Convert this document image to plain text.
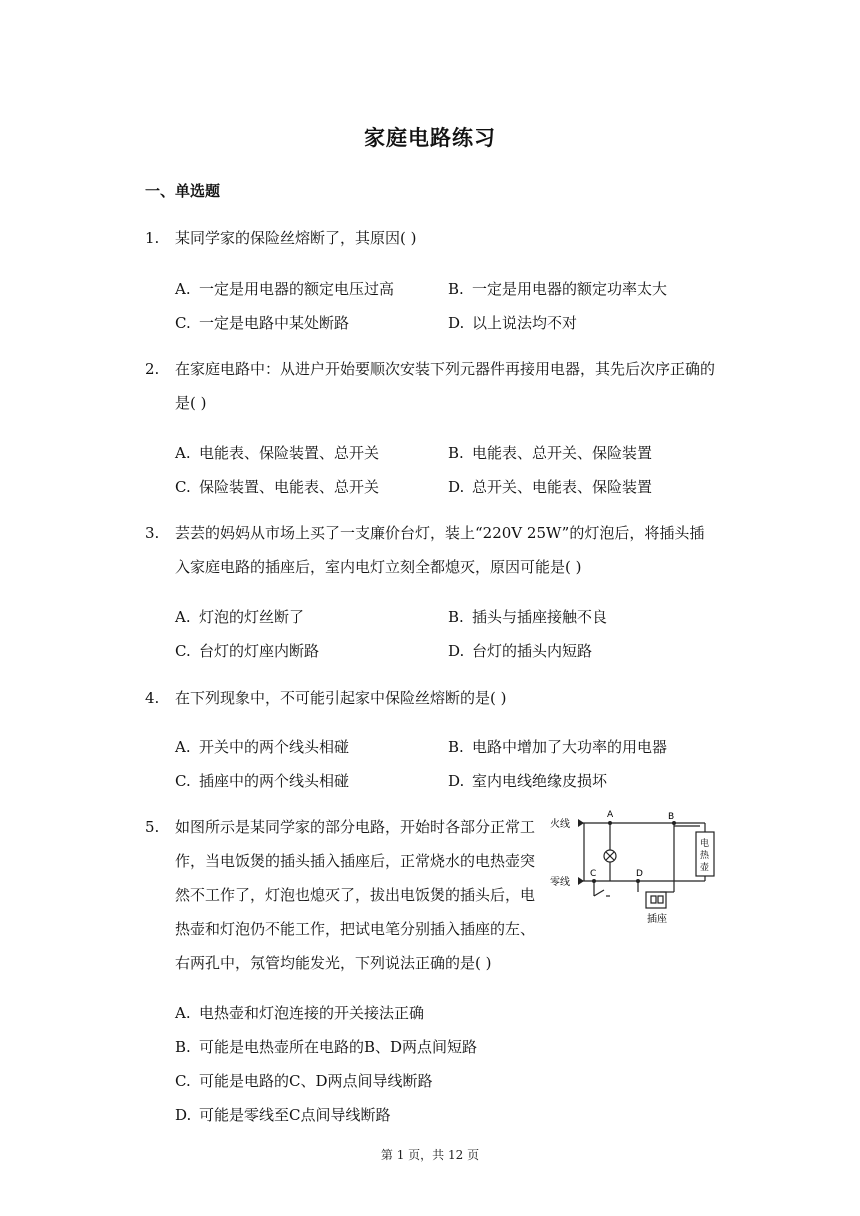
家庭电路练习
一、单选题
1. 某同学家的保险丝熔断了，其原因( )
A. 一定是用电器的额定电压过高	B. 一定是用电器的额定功率太大
C. 一定是电路中某处断路	D. 以上说法均不对
2. 在家庭电路中：从进户开始要顺次安装下列元器件再接用电器，其先后次序正确的
是( )
A. 电能表、保险装置、总开关	B. 电能表、总开关、保险装置
C. 保险装置、电能表、总开关	D. 总开关、电能表、保险装置
3. 芸芸的妈妈从市场上买了一支廉价台灯，装上“220V 25W”的灯泡后，将插头插
入家庭电路的插座后，室内电灯立刻全都熄灭，原因可能是( )
A. 灯泡的灯丝断了	B. 插头与插座接触不良
C. 台灯的灯座内断路	D. 台灯的插头内短路
4. 在下列现象中，不可能引起家中保险丝熔断的是( )
A. 开关中的两个线头相碰	B. 电路中增加了大功率的用电器
C. 插座中的两个线头相碰	D. 室内电线绝缘皮损坏
5. 如图所示是某同学家的部分电路，开始时各部分正常工
作，当电饭煲的插头插入插座后，正常烧水的电热壶突
然不工作了，灯泡也熄灭了，拔出电饭煲的插头后，电
热壶和灯泡仍不能工作，把试电笔分别插入插座的左、
右两孔中，氖管均能发光，下列说法正确的是( )
A. 电热壶和灯泡连接的开关接法正确
B. 可能是电热壶所在电路的B、D两点间短路
C. 可能是电路的C、D两点间导线断路
D. 可能是零线至C点间导线断路
火线
零线
A	B
C	D
插座
电
热
壶
第 1 页，共 12 页
